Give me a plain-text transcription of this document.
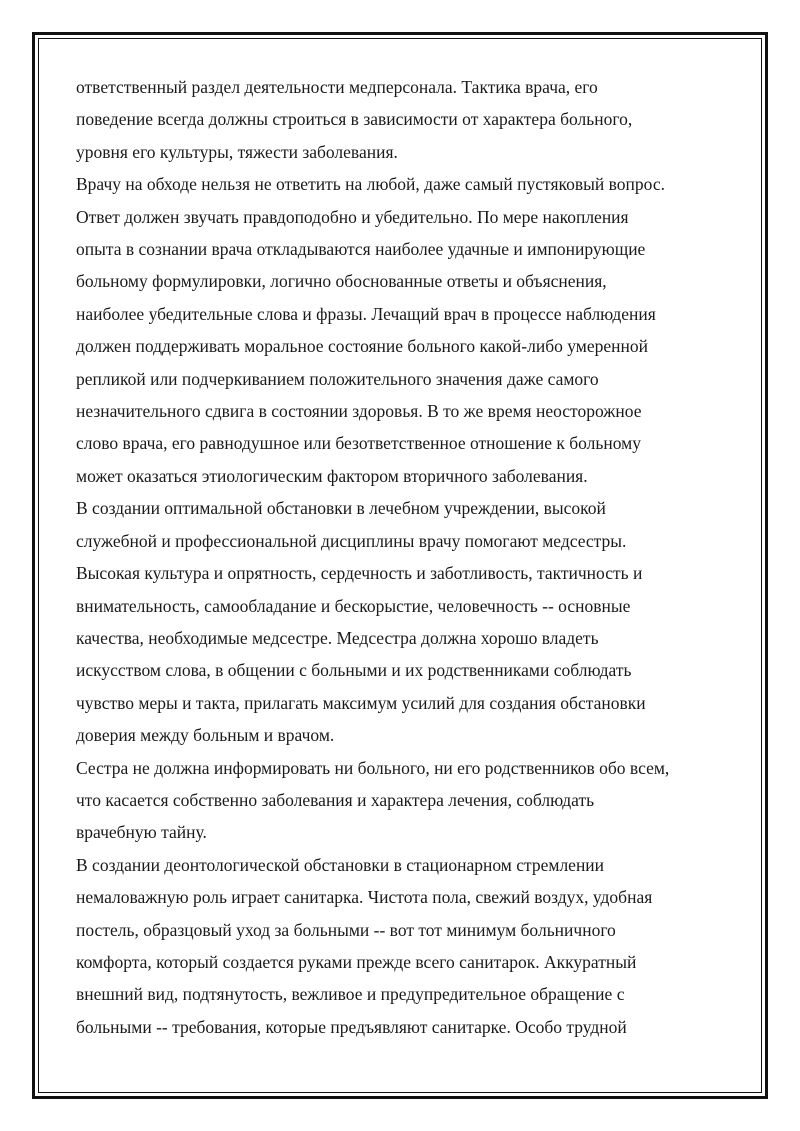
ответственный раздел деятельности медперсонала. Тактика врача, его
поведение всегда должны строиться в зависимости от характера больного,
уровня его культуры, тяжести заболевания.
Врачу на обходе нельзя не ответить на любой, даже самый пустяковый вопрос.
Ответ должен звучать правдоподобно и убедительно. По мере накопления
опыта в сознании врача откладываются наиболее удачные и импонирующие
больному формулировки, логично обоснованные ответы и объяснения,
наиболее убедительные слова и фразы. Лечащий врач в процессе наблюдения
должен поддерживать моральное состояние больного какой-либо умеренной
репликой или подчеркиванием положительного значения даже самого
незначительного сдвига в состоянии здоровья. В то же время неосторожное
слово врача, его равнодушное или безответственное отношение к больному
может оказаться этиологическим фактором вторичного заболевания.
В создании оптимальной обстановки в лечебном учреждении, высокой
служебной и профессиональной дисциплины врачу помогают медсестры.
Высокая культура и опрятность, сердечность и заботливость, тактичность и
внимательность, самообладание и бескорыстие, человечность -- основные
качества, необходимые медсестре. Медсестра должна хорошо владеть
искусством слова, в общении с больными и их родственниками соблюдать
чувство меры и такта, прилагать максимум усилий для создания обстановки
доверия между больным и врачом.
Сестра не должна информировать ни больного, ни его родственников обо всем,
что касается собственно заболевания и характера лечения, соблюдать
врачебную тайну.
В создании деонтологической обстановки в стационарном стремлении
немаловажную роль играет санитарка. Чистота пола, свежий воздух, удобная
постель, образцовый уход за больными -- вот тот минимум больничного
комфорта, который создается руками прежде всего санитарок. Аккуратный
внешний вид, подтянутость, вежливое и предупредительное обращение с
больными -- требования, которые предъявляют санитарке. Особо трудной
